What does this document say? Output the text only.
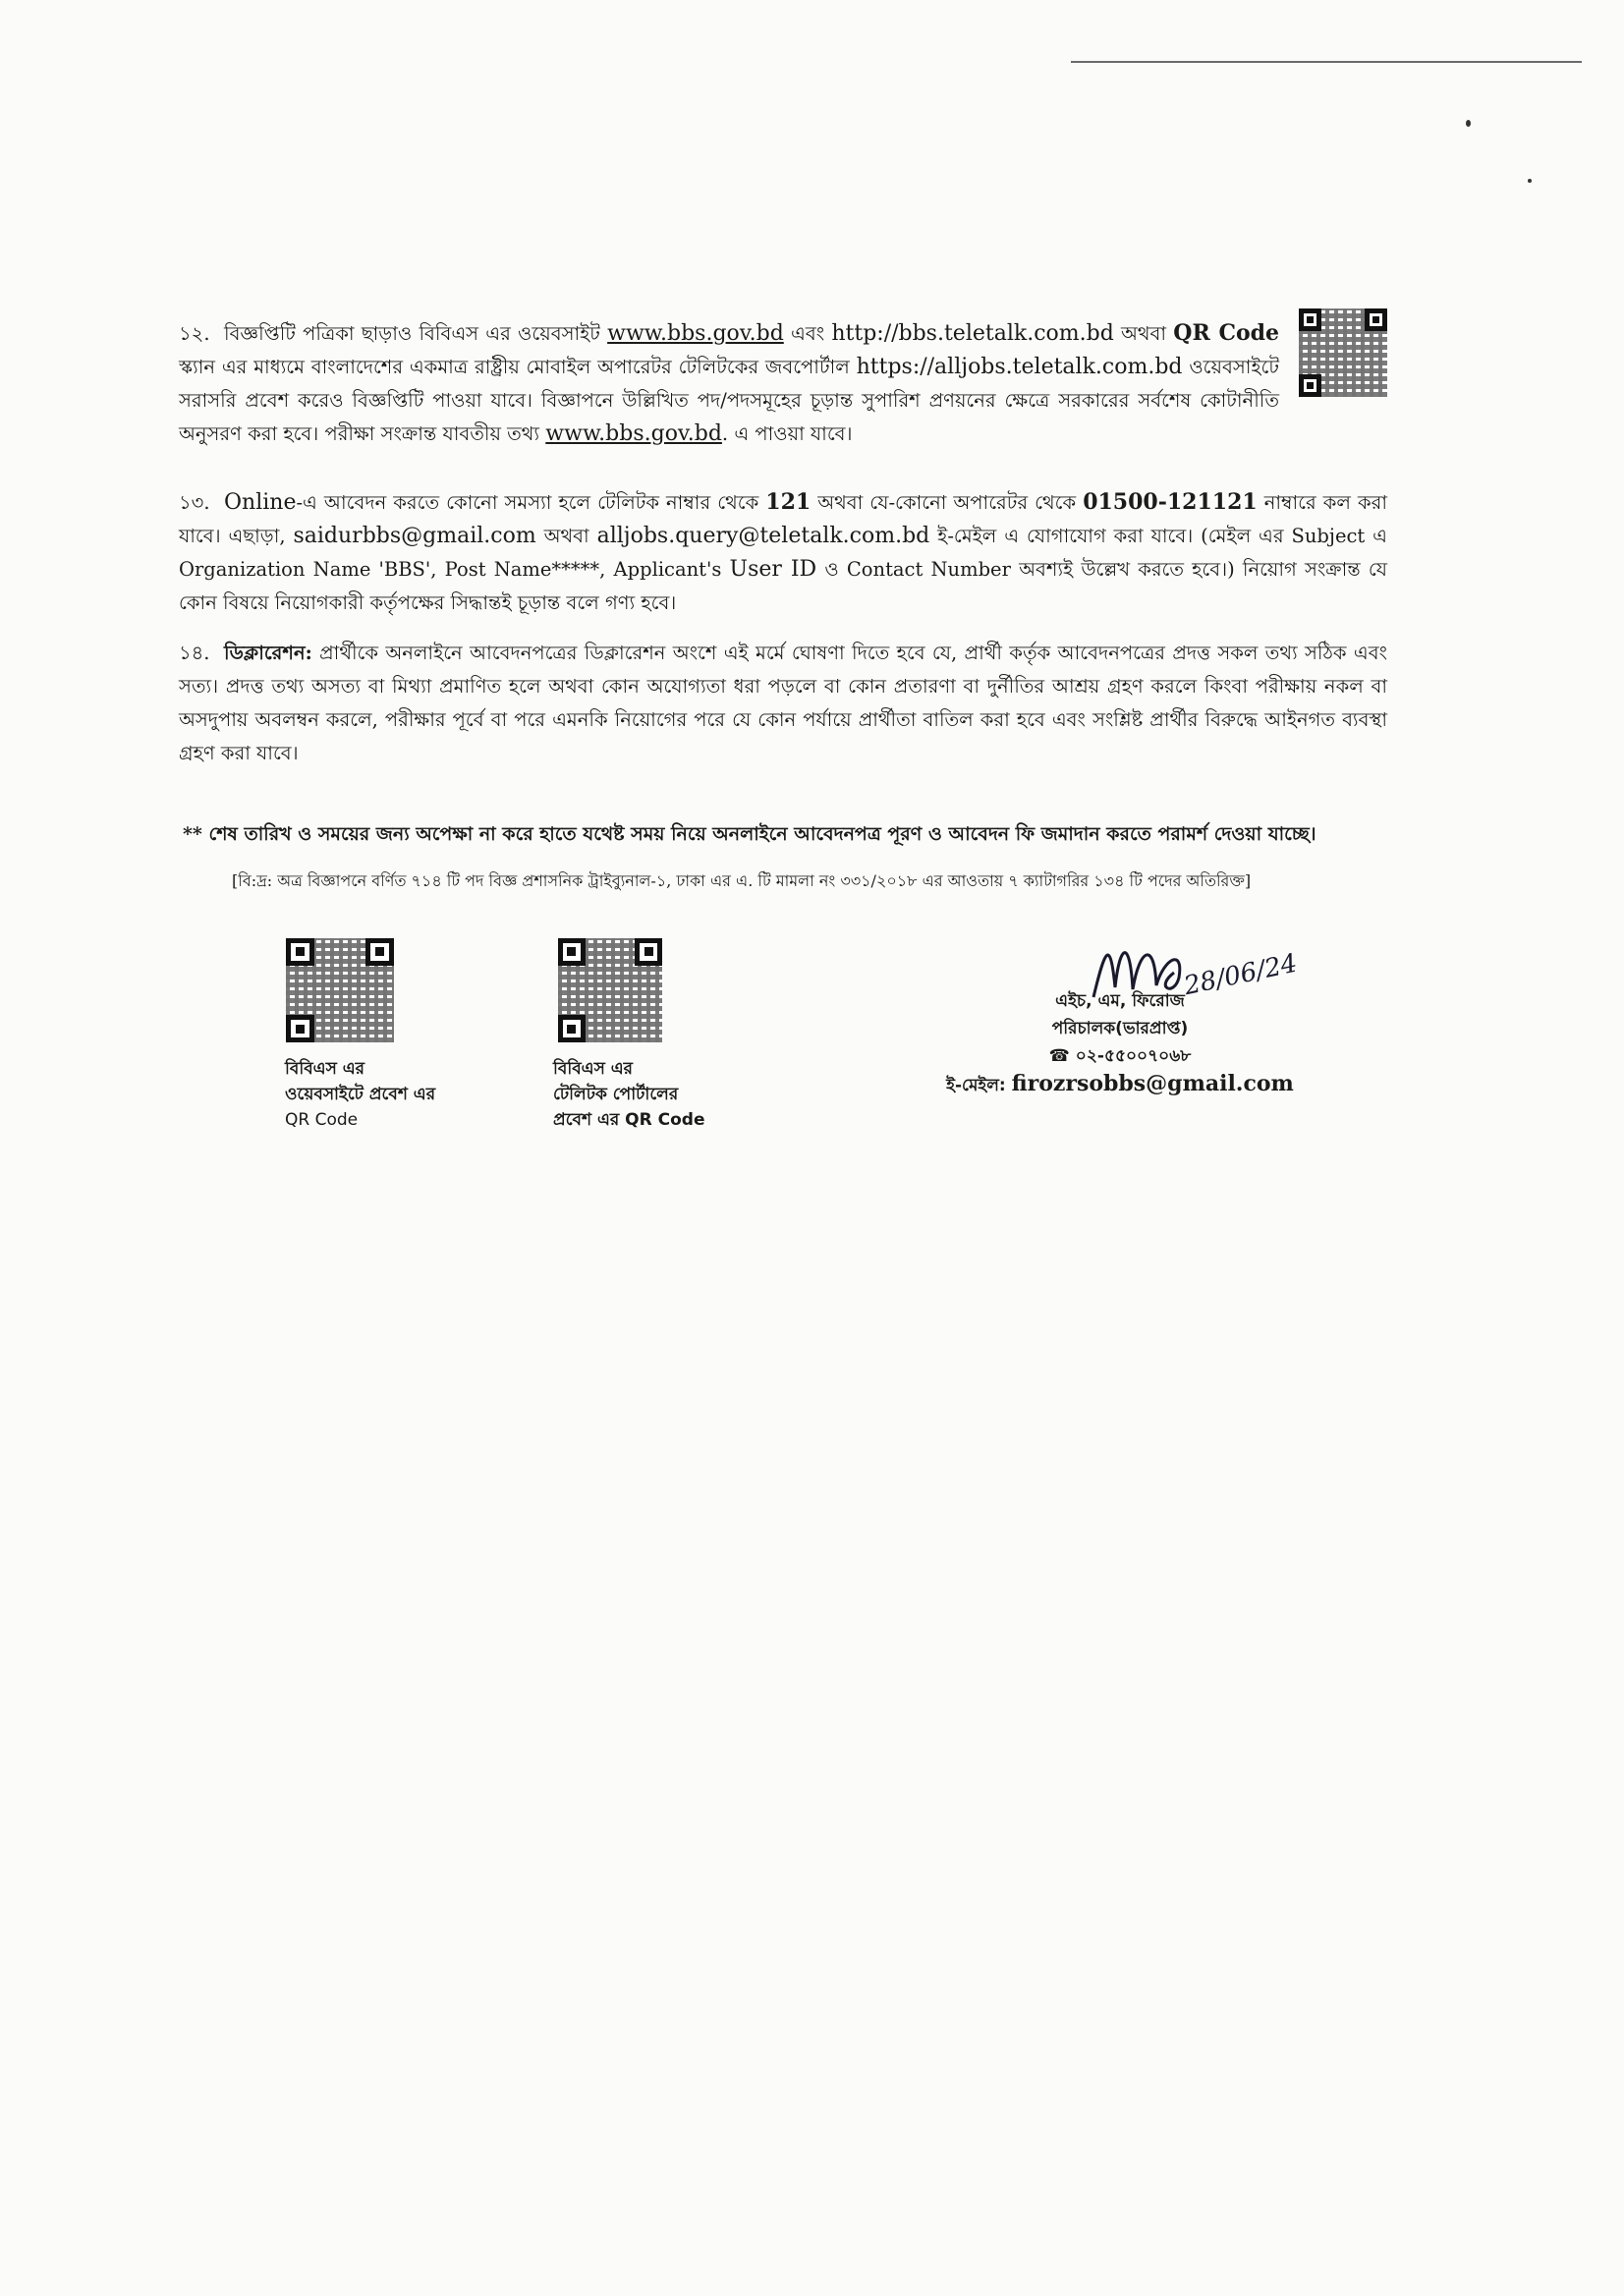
১২. বিজ্ঞপ্তিটি পত্রিকা ছাড়াও বিবিএস এর ওয়েবসাইট www.bbs.gov.bd এবং http://bbs.teletalk.com.bd অথবা QR Code স্ক্যান এর মাধ্যমে বাংলাদেশের একমাত্র রাষ্ট্রীয় মোবাইল অপারেটর টেলিটকের জবপোর্টাল https://alljobs.teletalk.com.bd ওয়েবসাইটে সরাসরি প্রবেশ করেও বিজ্ঞপ্তিটি পাওয়া যাবে। বিজ্ঞাপনে উল্লিখিত পদ/পদসমূহের চূড়ান্ত সুপারিশ প্রণয়নের ক্ষেত্রে সরকারের সর্বশেষ কোটানীতি অনুসরণ করা হবে। পরীক্ষা সংক্রান্ত যাবতীয় তথ্য www.bbs.gov.bd. এ পাওয়া যাবে।

১৩. Online-এ আবেদন করতে কোনো সমস্যা হলে টেলিটক নাম্বার থেকে 121 অথবা যে-কোনো অপারেটর থেকে 01500-121121 নাম্বারে কল করা যাবে। এছাড়া, saidurbbs@gmail.com অথবা alljobs.query@teletalk.com.bd ই-মেইল এ যোগাযোগ করা যাবে। (মেইল এর Subject এ Organization Name 'BBS', Post Name*****, Applicant's User ID ও Contact Number অবশ্যই উল্লেখ করতে হবে।) নিয়োগ সংক্রান্ত যে কোন বিষয়ে নিয়োগকারী কর্তৃপক্ষের সিদ্ধান্তই চূড়ান্ত বলে গণ্য হবে।

১৪. ডিক্লারেশন: প্রার্থীকে অনলাইনে আবেদনপত্রের ডিক্লারেশন অংশে এই মর্মে ঘোষণা দিতে হবে যে, প্রার্থী কর্তৃক আবেদনপত্রের প্রদত্ত সকল তথ্য সঠিক এবং সত্য। প্রদত্ত তথ্য অসত্য বা মিথ্যা প্রমাণিত হলে অথবা কোন অযোগ্যতা ধরা পড়লে বা কোন প্রতারণা বা দুর্নীতির আশ্রয় গ্রহণ করলে কিংবা পরীক্ষায় নকল বা অসদুপায় অবলম্বন করলে, পরীক্ষার পূর্বে বা পরে এমনকি নিয়োগের পরে যে কোন পর্যায়ে প্রার্থীতা বাতিল করা হবে এবং সংশ্লিষ্ট প্রার্থীর বিরুদ্ধে আইনগত ব্যবস্থা গ্রহণ করা যাবে।

** শেষ তারিখ ও সময়ের জন্য অপেক্ষা না করে হাতে যথেষ্ট সময় নিয়ে অনলাইনে আবেদনপত্র পূরণ ও আবেদন ফি জমাদান করতে পরামর্শ দেওয়া যাচ্ছে।
[বি:দ্র: অত্র বিজ্ঞাপনে বর্ণিত ৭১৪ টি পদ বিজ্ঞ প্রশাসনিক ট্রাইব্যুনাল-১, ঢাকা এর এ. টি মামলা নং ৩৩১/২০১৮ এর আওতায় ৭ ক্যাটাগরির ১৩৪ টি পদের অতিরিক্ত]
বিবিএস এর
ওয়েবসাইটে প্রবেশ এর
QR Code
বিবিএস এর
টেলিটক পোর্টালের
প্রবেশ এর QR Code
28/06/24
এইচ, এম, ফিরোজ
পরিচালক(ভারপ্রাপ্ত)
☎ ০২-৫৫০০৭০৬৮
ই-মেইল: firozrsobbs@gmail.com
